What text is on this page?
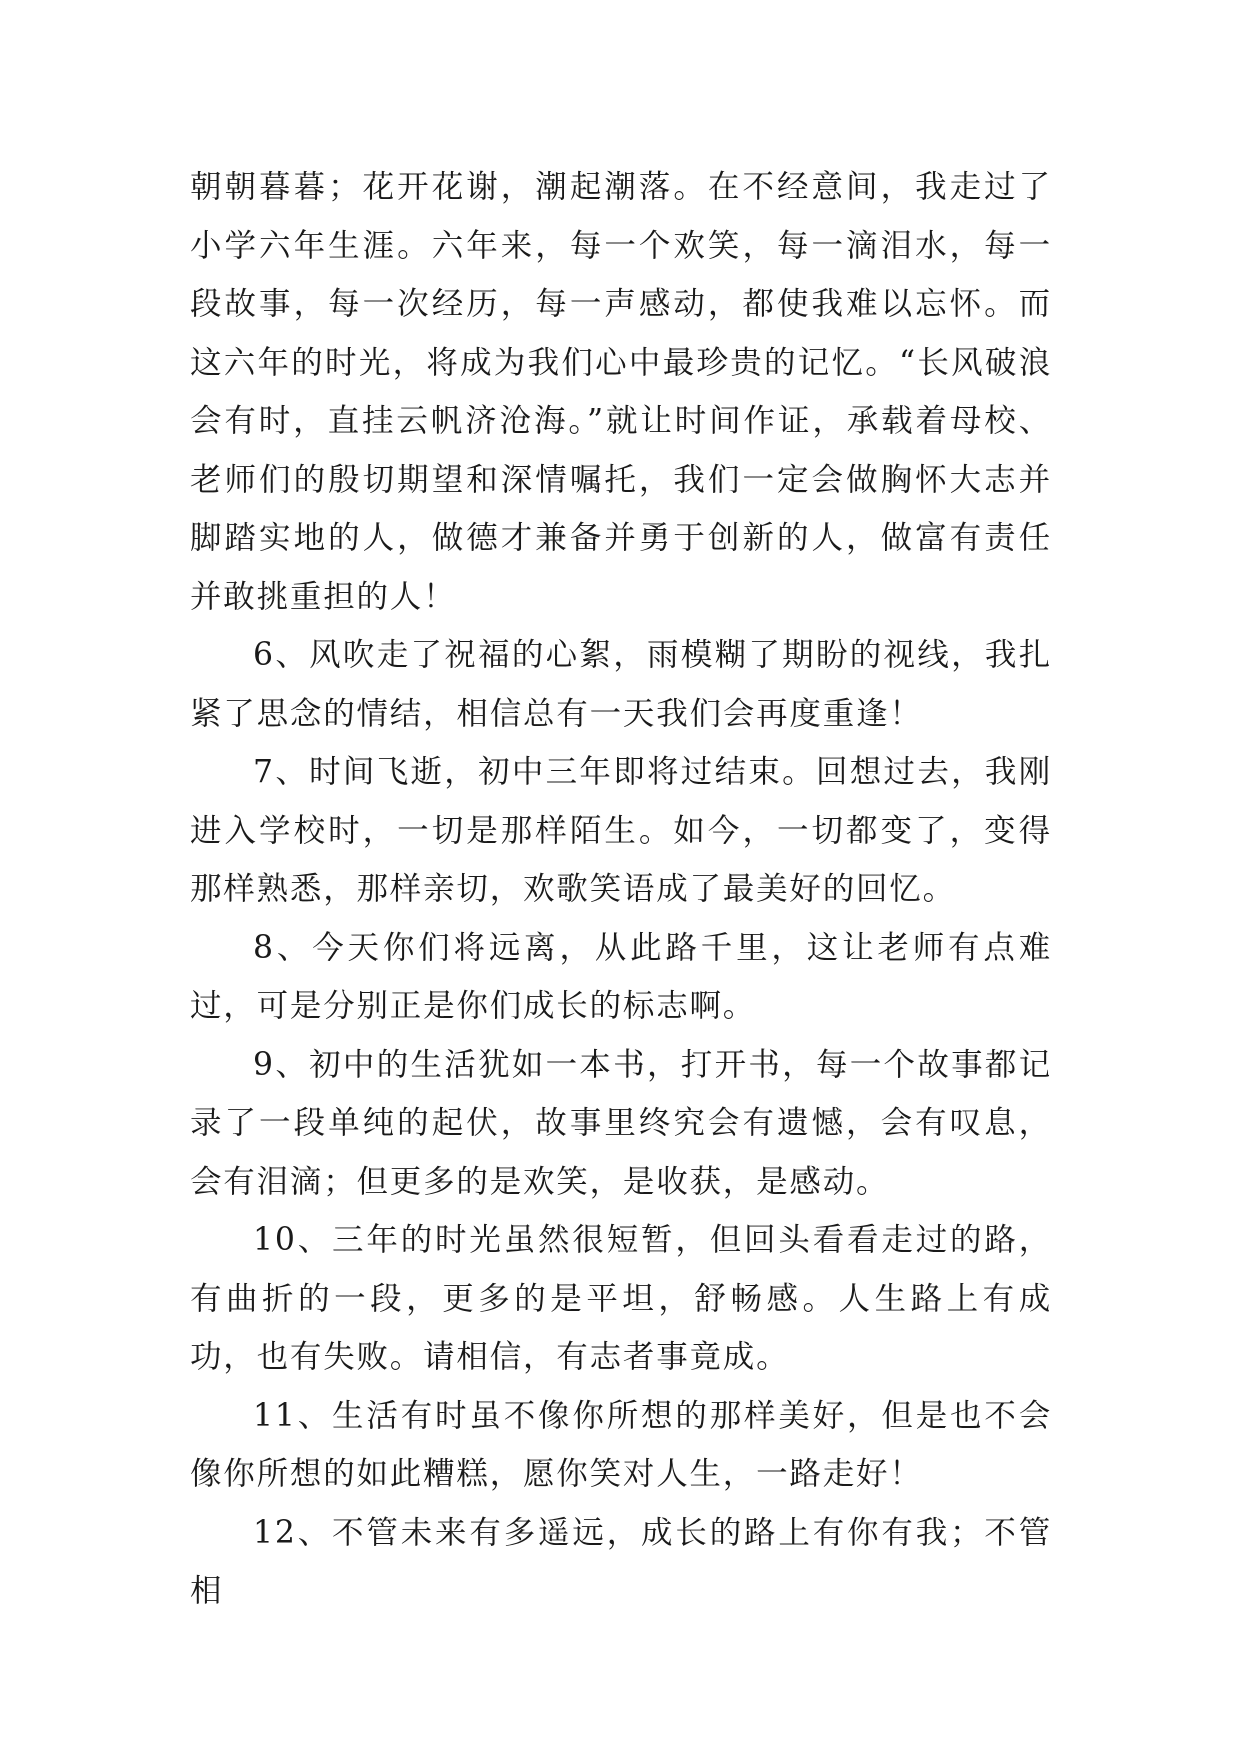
朝朝暮暮；花开花谢，潮起潮落。在不经意间，我走过了小学六年生涯。六年来，每一个欢笑，每一滴泪水，每一段故事，每一次经历，每一声感动，都使我难以忘怀。而这六年的时光，将成为我们心中最珍贵的记忆。“长风破浪会有时，直挂云帆济沧海。”就让时间作证，承载着母校、老师们的殷切期望和深情嘱托，我们一定会做胸怀大志并脚踏实地的人，做德才兼备并勇于创新的人，做富有责任并敢挑重担的人！

6、风吹走了祝福的心絮，雨模糊了期盼的视线，我扎紧了思念的情结，相信总有一天我们会再度重逢！

7、时间飞逝，初中三年即将过结束。回想过去，我刚进入学校时，一切是那样陌生。如今，一切都变了，变得那样熟悉，那样亲切，欢歌笑语成了最美好的回忆。

8、今天你们将远离，从此路千里，这让老师有点难过，可是分别正是你们成长的标志啊。

9、初中的生活犹如一本书，打开书，每一个故事都记录了一段单纯的起伏，故事里终究会有遗憾，会有叹息，会有泪滴；但更多的是欢笑，是收获，是感动。

10、三年的时光虽然很短暂，但回头看看走过的路，有曲折的一段，更多的是平坦，舒畅感。人生路上有成功，也有失败。请相信，有志者事竟成。

11、生活有时虽不像你所想的那样美好，但是也不会像你所想的如此糟糕，愿你笑对人生，一路走好！

12、不管未来有多遥远，成长的路上有你有我；不管相
